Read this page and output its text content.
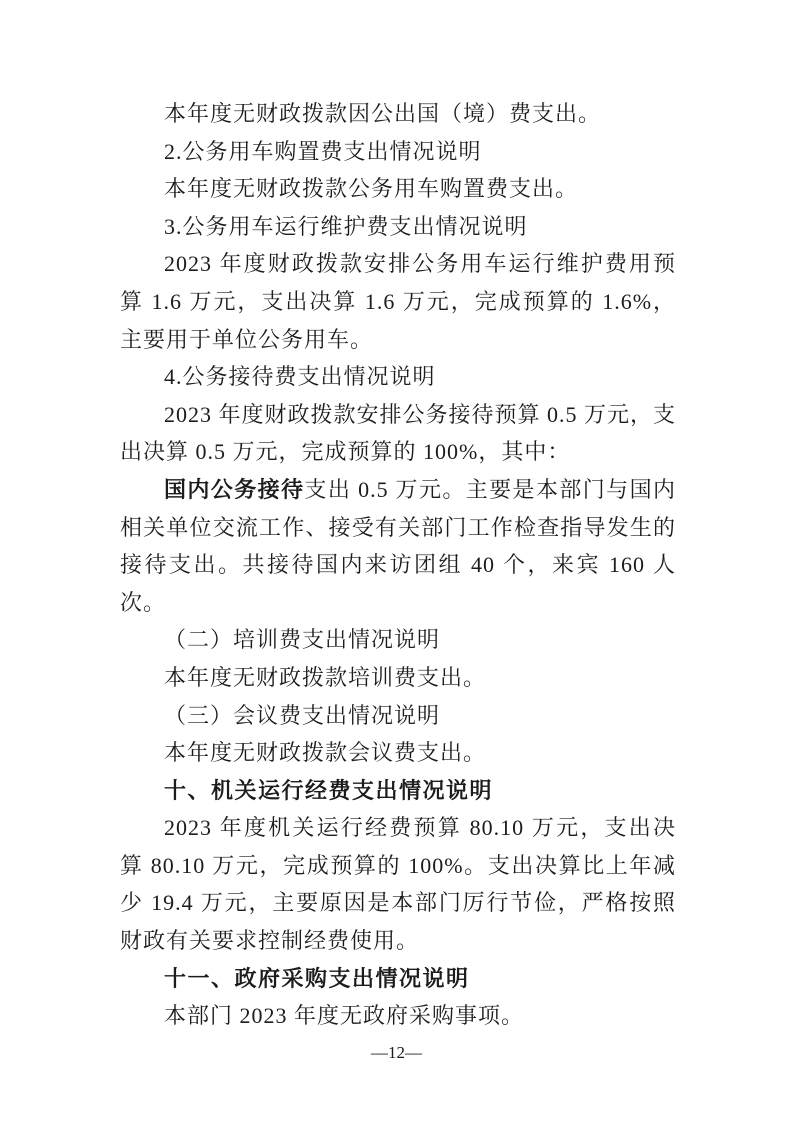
本年度无财政拨款因公出国（境）费支出。

2.公务用车购置费支出情况说明

本年度无财政拨款公务用车购置费支出。

3.公务用车运行维护费支出情况说明

2023 年度财政拨款安排公务用车运行维护费用预算 1.6 万元，支出决算 1.6 万元，完成预算的 1.6%，主要用于单位公务用车。

4.公务接待费支出情况说明

2023 年度财政拨款安排公务接待预算 0.5 万元，支出决算 0.5 万元，完成预算的 100%，其中：

国内公务接待支出 0.5 万元。主要是本部门与国内相关单位交流工作、接受有关部门工作检查指导发生的接待支出。共接待国内来访团组 40 个，来宾 160 人次。

（二）培训费支出情况说明

本年度无财政拨款培训费支出。

（三）会议费支出情况说明

本年度无财政拨款会议费支出。

十、机关运行经费支出情况说明

2023 年度机关运行经费预算 80.10 万元，支出决算 80.10 万元，完成预算的 100%。支出决算比上年减少 19.4 万元，主要原因是本部门厉行节俭，严格按照财政有关要求控制经费使用。

十一、政府采购支出情况说明

本部门 2023 年度无政府采购事项。

—12—
